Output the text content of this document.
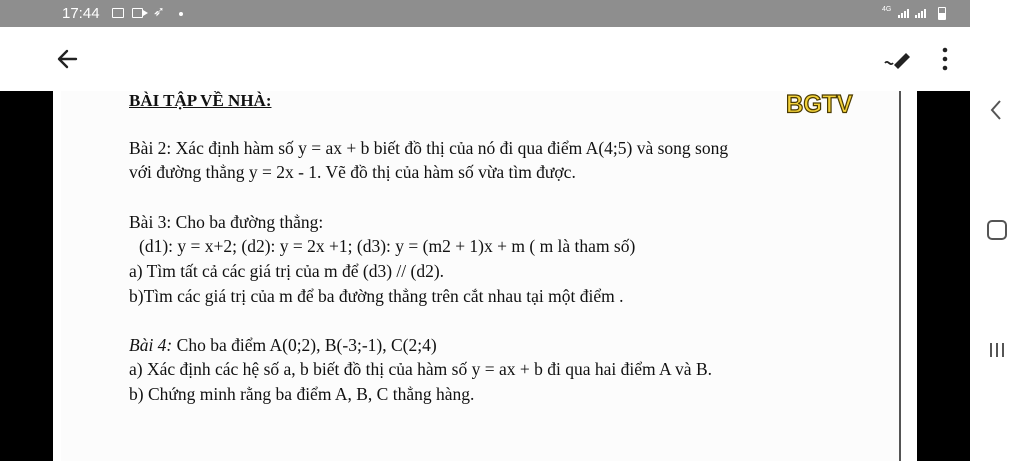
17:44	➶	4G
BÀI TẬP VỀ NHÀ:	BGTV
Bài 2: Xác định hàm số y = ax + b biết đồ thị của nó đi qua điểm A(4;5) và song song
với đường thẳng y = 2x - 1. Vẽ đồ thị của hàm số vừa tìm được.
Bài 3: Cho ba đường thẳng:
(d1): y = x+2; (d2): y = 2x +1; (d3): y = (m2 + 1)x + m ( m là tham số)
a) Tìm tất cả các giá trị của m để (d3) // (d2).
b)Tìm các giá trị của m để ba đường thẳng trên cắt nhau tại một điểm .
Bài 4: Cho ba điểm A(0;2), B(-3;-1), C(2;4)
a) Xác định các hệ số a, b biết đồ thị của hàm số y = ax + b đi qua hai điểm A và B.
b) Chứng minh rằng ba điểm A, B, C thẳng hàng.
